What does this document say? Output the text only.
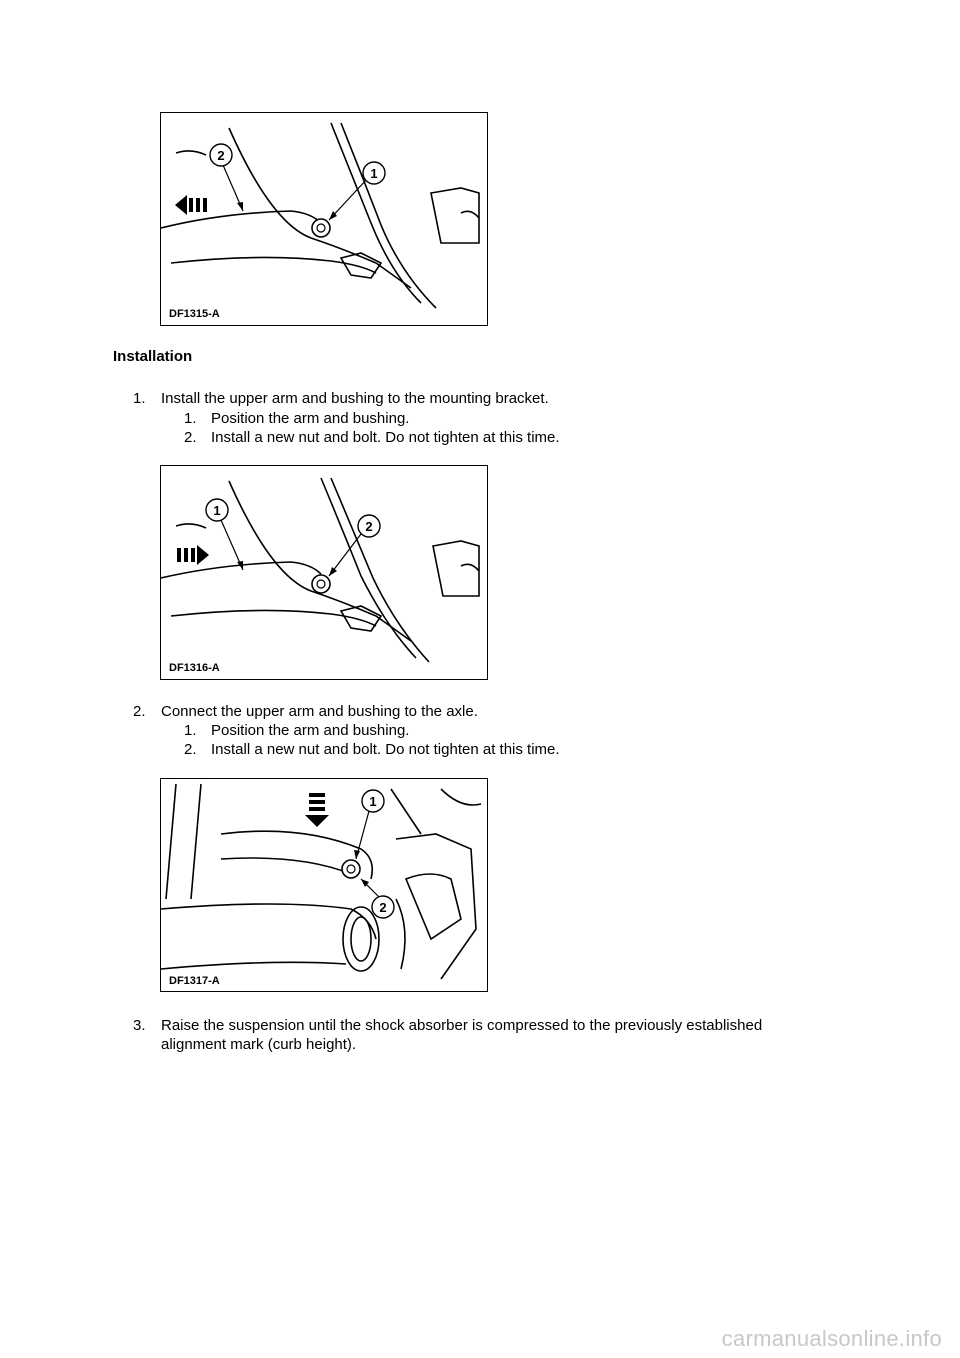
1
2
DF1315-A
Installation
1. Install the upper arm and bushing to the mounting bracket.
1. Position the arm and bushing.
2. Install a new nut and bolt. Do not tighten at this time.
2
1
DF1316-A
2. Connect the upper arm and bushing to the axle.
1. Position the arm and bushing.
2. Install a new nut and bolt. Do not tighten at this time.
1
2
DF1317-A
3. Raise the suspension until the shock absorber is compressed to the previously established
alignment mark (curb height).
carmanualsonline.info
